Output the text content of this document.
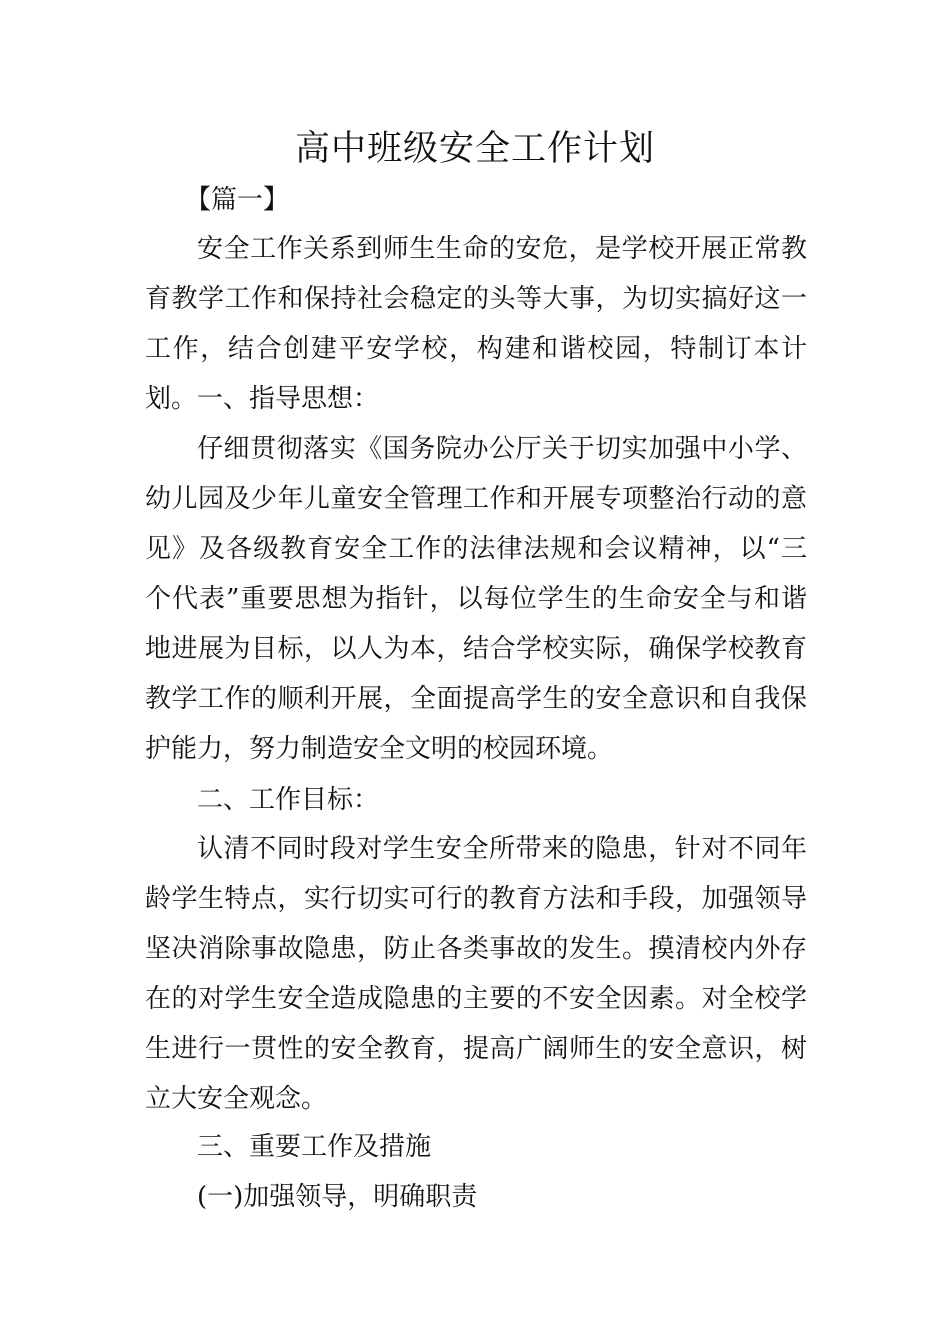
高中班级安全工作计划
【篇一】
安全工作关系到师生生命的安危，是学校开展正常教育教学工作和保持社会稳定的头等大事，为切实搞好这一工作，结合创建平安学校，构建和谐校园，特制订本计划。 一、指导思想：
仔细贯彻落实《国务院办公厅关于切实加强中小学、幼儿园及少年儿童安全管理工作和开展专项整治行动的意见》及各级教育安全工作的法律法规和会议精神，以“三个代表”重要思想为指针，以每位学生的生命安全与和谐地进展为目标，以人为本，结合学校实际，确保学校教育教学工作的顺利开展，全面提高学生的安全意识和自我保护能力，努力制造安全文明的校园环境。
二、工作目标：
认清不同时段对学生安全所带来的隐患，针对不同年龄学生特点，实行切实可行的教育方法和手段，加强领导坚决消除事故隐患，防止各类事故的发生。摸清校内外存在的对学生安全造成隐患的主要的不安全因素。对全校学生进行一贯性的安全教育，提高广阔师生的安全意识，树立大安全观念。
三、重要工作及措施
(一)加强领导，明确职责
